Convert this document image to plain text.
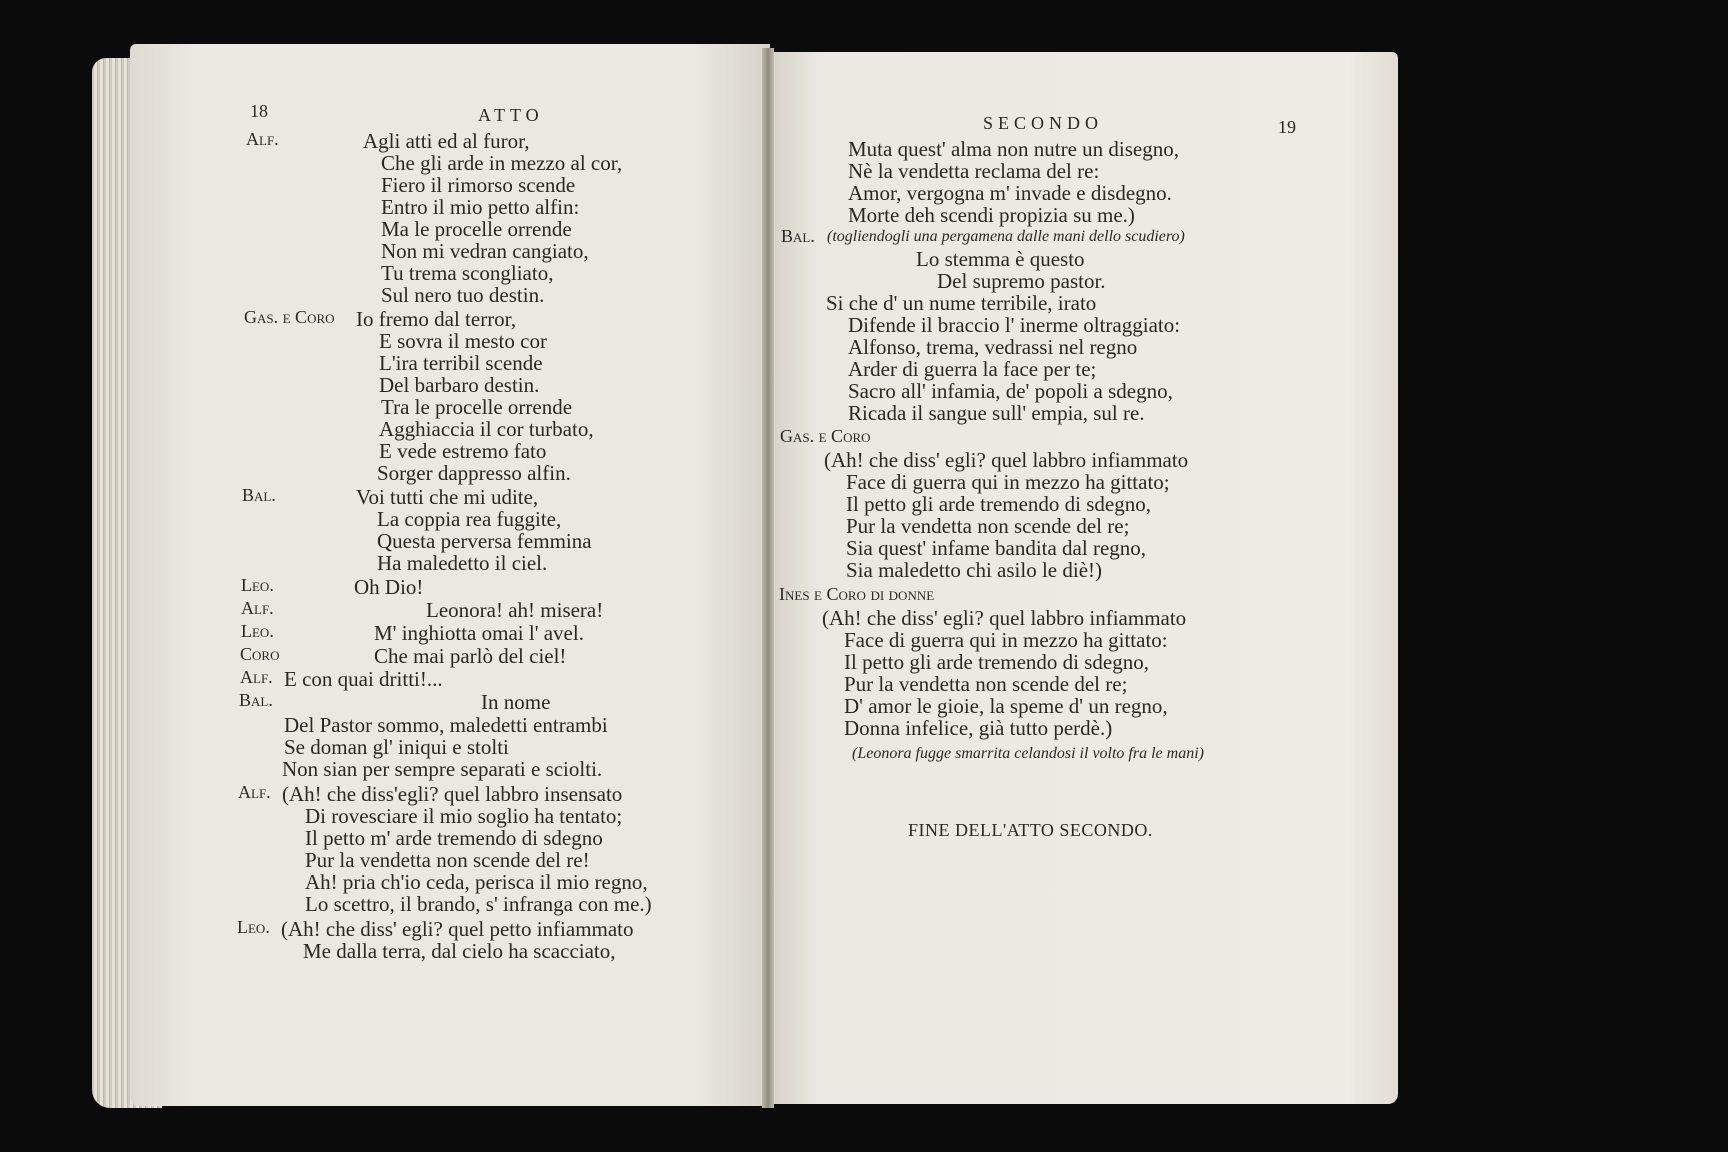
18	ATTO
Alf.	Agli atti ed al furor,
Che gli arde in mezzo al cor,
Fiero il rimorso scende
Entro il mio petto alfin:
Ma le procelle orrende
Non mi vedran cangiato,
Tu trema scongliato,
Sul nero tuo destin.
Gas. e Coro Io fremo dal terror,
E sovra il mesto cor
L'ira terribil scende
Del barbaro destin.
Tra le procelle orrende
Agghiaccia il cor turbato,
E vede estremo fato
Sorger dappresso alfin.
Bal.	Voi tutti che mi udite,
La coppia rea fuggite,
Questa perversa femmina
Ha maledetto il ciel.
Leo.	Oh Dio!
Alf.	Leonora! ah! misera!
Leo.	M' inghiotta omai l' avel.
Coro	Che mai parlò del ciel!
Alf. E con quai dritti!...
Bal.	In nome
Del Pastor sommo, maledetti entrambi
Se doman gl' iniqui e stolti
Non sian per sempre separati e sciolti.
Alf. (Ah! che diss'egli? quel labbro insensato
Di rovesciare il mio soglio ha tentato;
Il petto m' arde tremendo di sdegno
Pur la vendetta non scende del re!
Ah! pria ch'io ceda, perisca il mio regno,
Lo scettro, il brando, s' infranga con me.)
Leo. (Ah! che diss' egli? quel petto infiammato
Me dalla terra, dal cielo ha scacciato,
SECONDO	19
Muta quest' alma non nutre un disegno,
Nè la vendetta reclama del re:
Amor, vergogna m' invade e disdegno.
Morte deh scendi propizia su me.)
Bal. (togliendogli una pergamena dalle mani dello scudiero)
Lo stemma è questo
Del supremo pastor.
Si che d' un nume terribile, irato
Difende il braccio l' inerme oltraggiato:
Alfonso, trema, vedrassi nel regno
Arder di guerra la face per te;
Sacro all' infamia, de' popoli a sdegno,
Ricada il sangue sull' empia, sul re.
Gas. e Coro
(Ah! che diss' egli? quel labbro infiammato
Face di guerra qui in mezzo ha gittato;
Il petto gli arde tremendo di sdegno,
Pur la vendetta non scende del re;
Sia quest' infame bandita dal regno,
Sia maledetto chi asilo le diè!)
Ines e Coro di donne
(Ah! che diss' egli? quel labbro infiammato
Face di guerra qui in mezzo ha gittato:
Il petto gli arde tremendo di sdegno,
Pur la vendetta non scende del re;
D' amor le gioie, la speme d' un regno,
Donna infelice, già tutto perdè.)
(Leonora fugge smarrita celandosi il volto fra le mani)
FINE DELL'ATTO SECONDO.
